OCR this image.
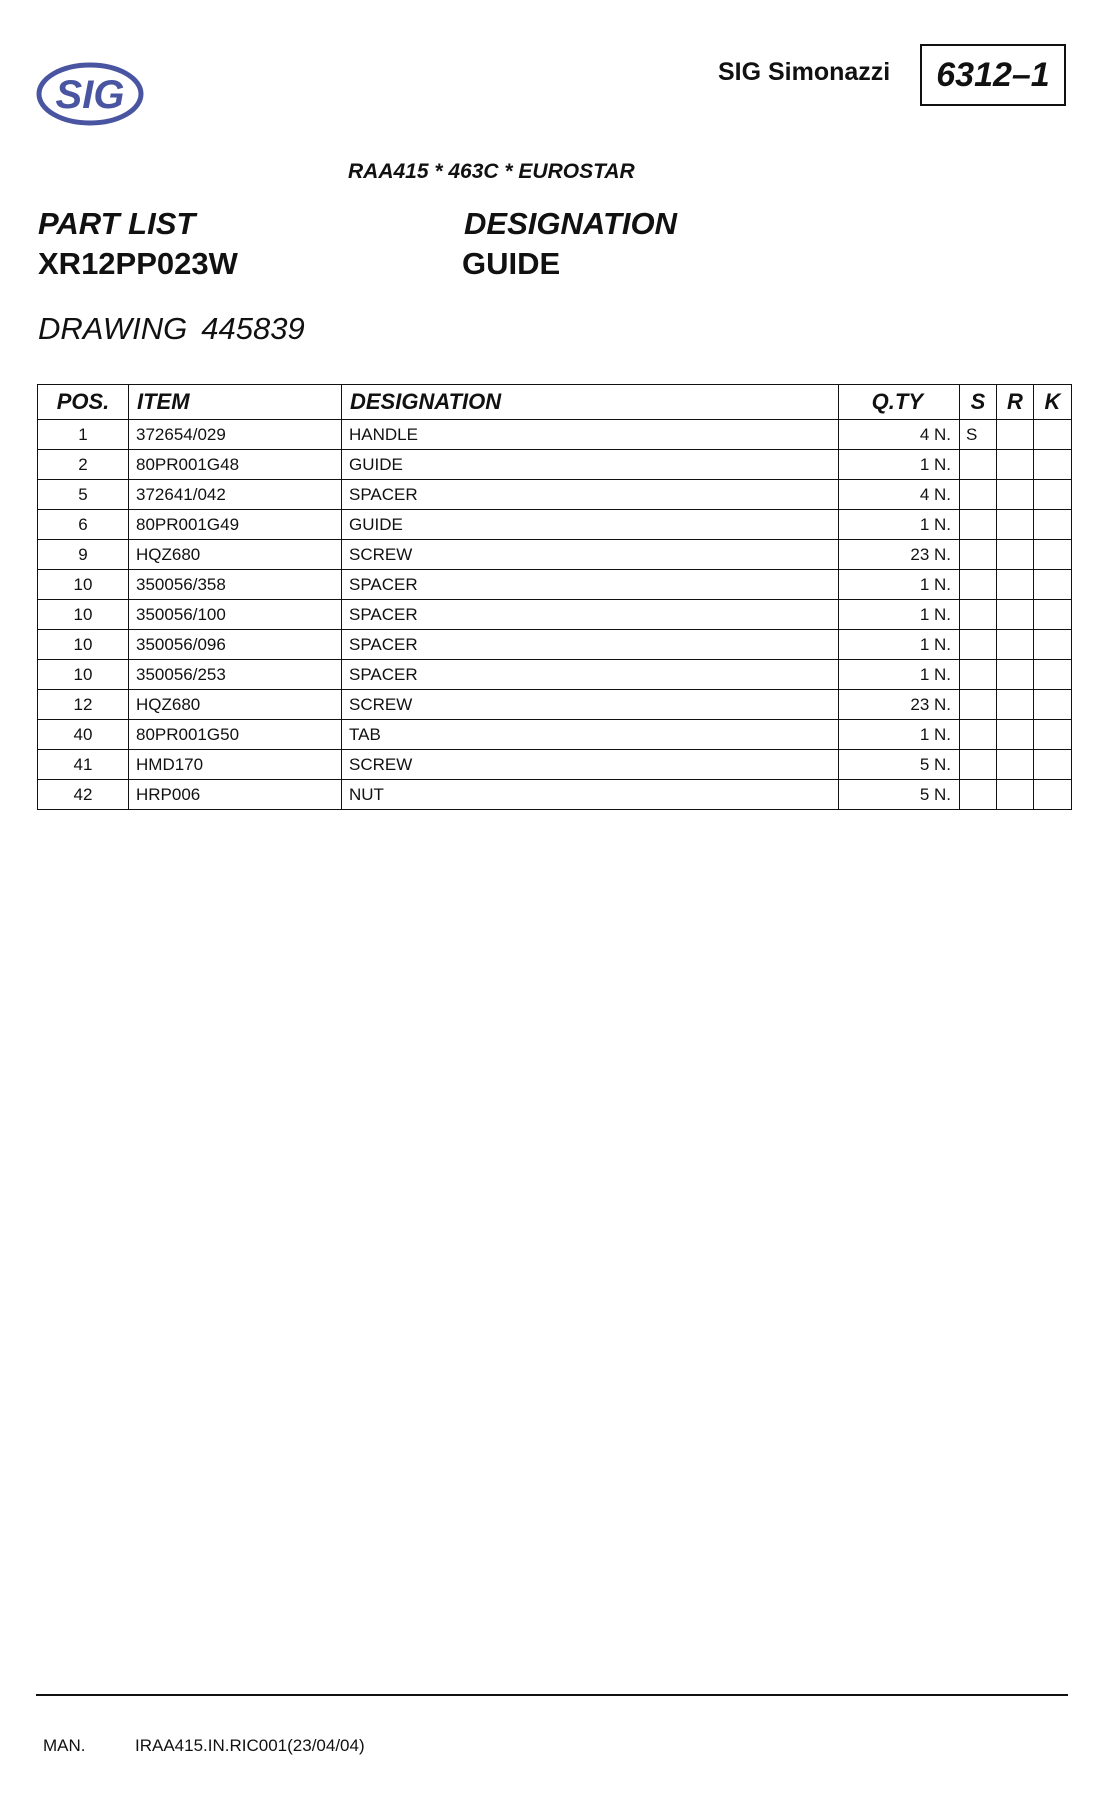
SIG
SIG Simonazzi 6312–1
RAA415 * 463C * EUROSTAR
PART LIST
XR12PP023W
DESIGNATION
GUIDE
DRAWING 445839
POS.	ITEM	DESIGNATION	Q.TY	S	R	K
1	372654/029	HANDLE	4 N.	S		
2	80PR001G48	GUIDE	1 N.			
5	372641/042	SPACER	4 N.			
6	80PR001G49	GUIDE	1 N.			
9	HQZ680	SCREW	23 N.			
10	350056/358	SPACER	1 N.			
10	350056/100	SPACER	1 N.			
10	350056/096	SPACER	1 N.			
10	350056/253	SPACER	1 N.			
12	HQZ680	SCREW	23 N.			
40	80PR001G50	TAB	1 N.			
41	HMD170	SCREW	5 N.			
42	HRP006	NUT	5 N.			
MAN.	IRAA415.IN.RIC001(23/04/04)
